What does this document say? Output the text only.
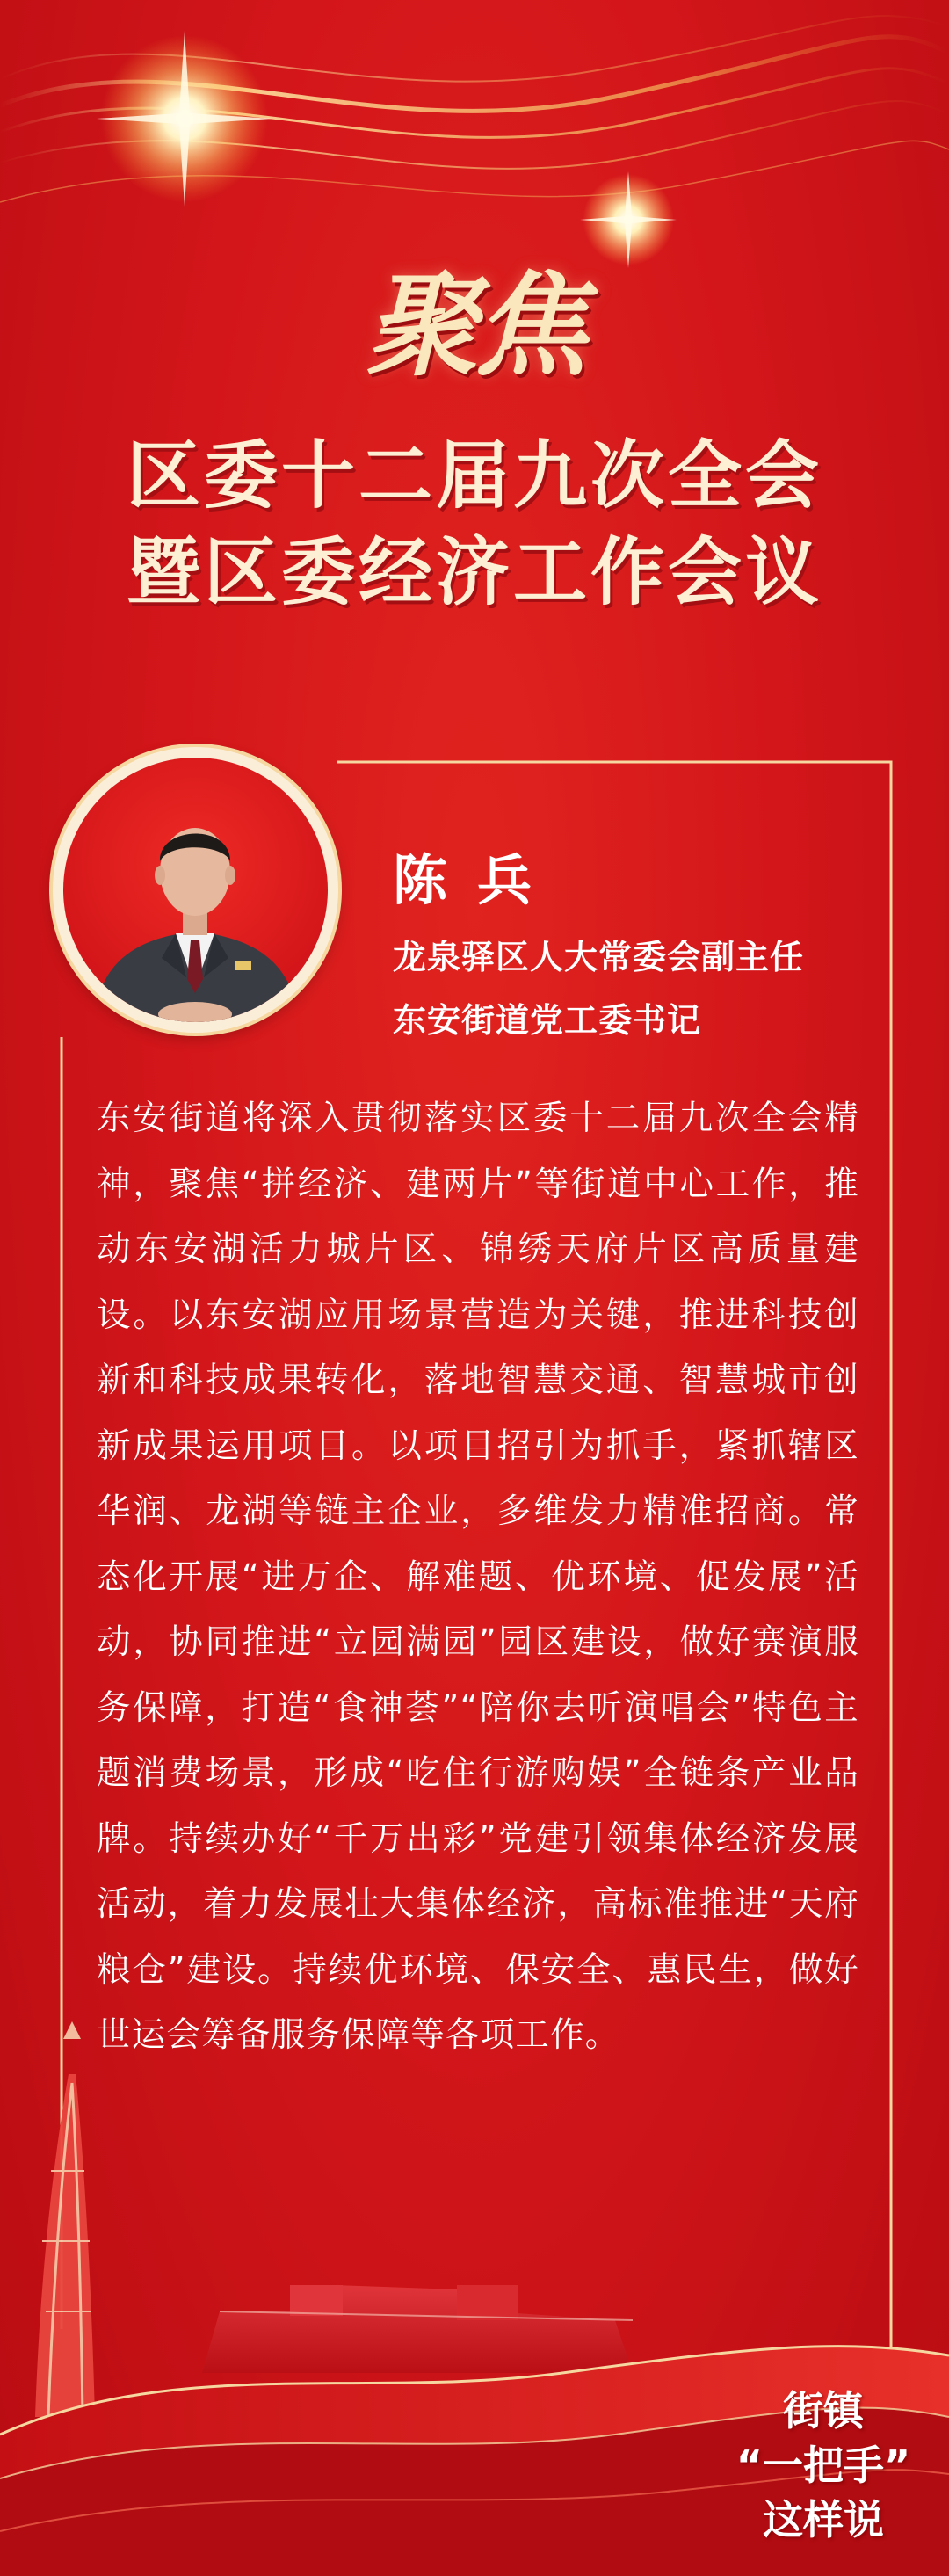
聚焦
区委十二届九次全会
暨区委经济工作会议
陈兵
龙泉驿区人大常委会副主任
东安街道党工委书记
东安街道将深入贯彻落实区委十二届九次全会精神，聚焦“拼经济、建两片”等街道中心工作，推动东安湖活力城片区、锦绣天府片区高质量建设。以东安湖应用场景营造为关键，推进科技创新和科技成果转化，落地智慧交通、智慧城市创新成果运用项目。以项目招引为抓手，紧抓辖区华润、龙湖等链主企业，多维发力精准招商。常态化开展“进万企、解难题、优环境、促发展”活动，协同推进“立园满园”园区建设，做好赛演服务保障，打造“食神荟”“陪你去听演唱会”特色主题消费场景，形成“吃住行游购娱”全链条产业品牌。持续办好“千万出彩”党建引领集体经济发展活动，着力发展壮大集体经济，高标准推进“天府粮仓”建设。持续优环境、保安全、惠民生，做好世运会筹备服务保障等各项工作。
街镇
“一把手”
这样说
